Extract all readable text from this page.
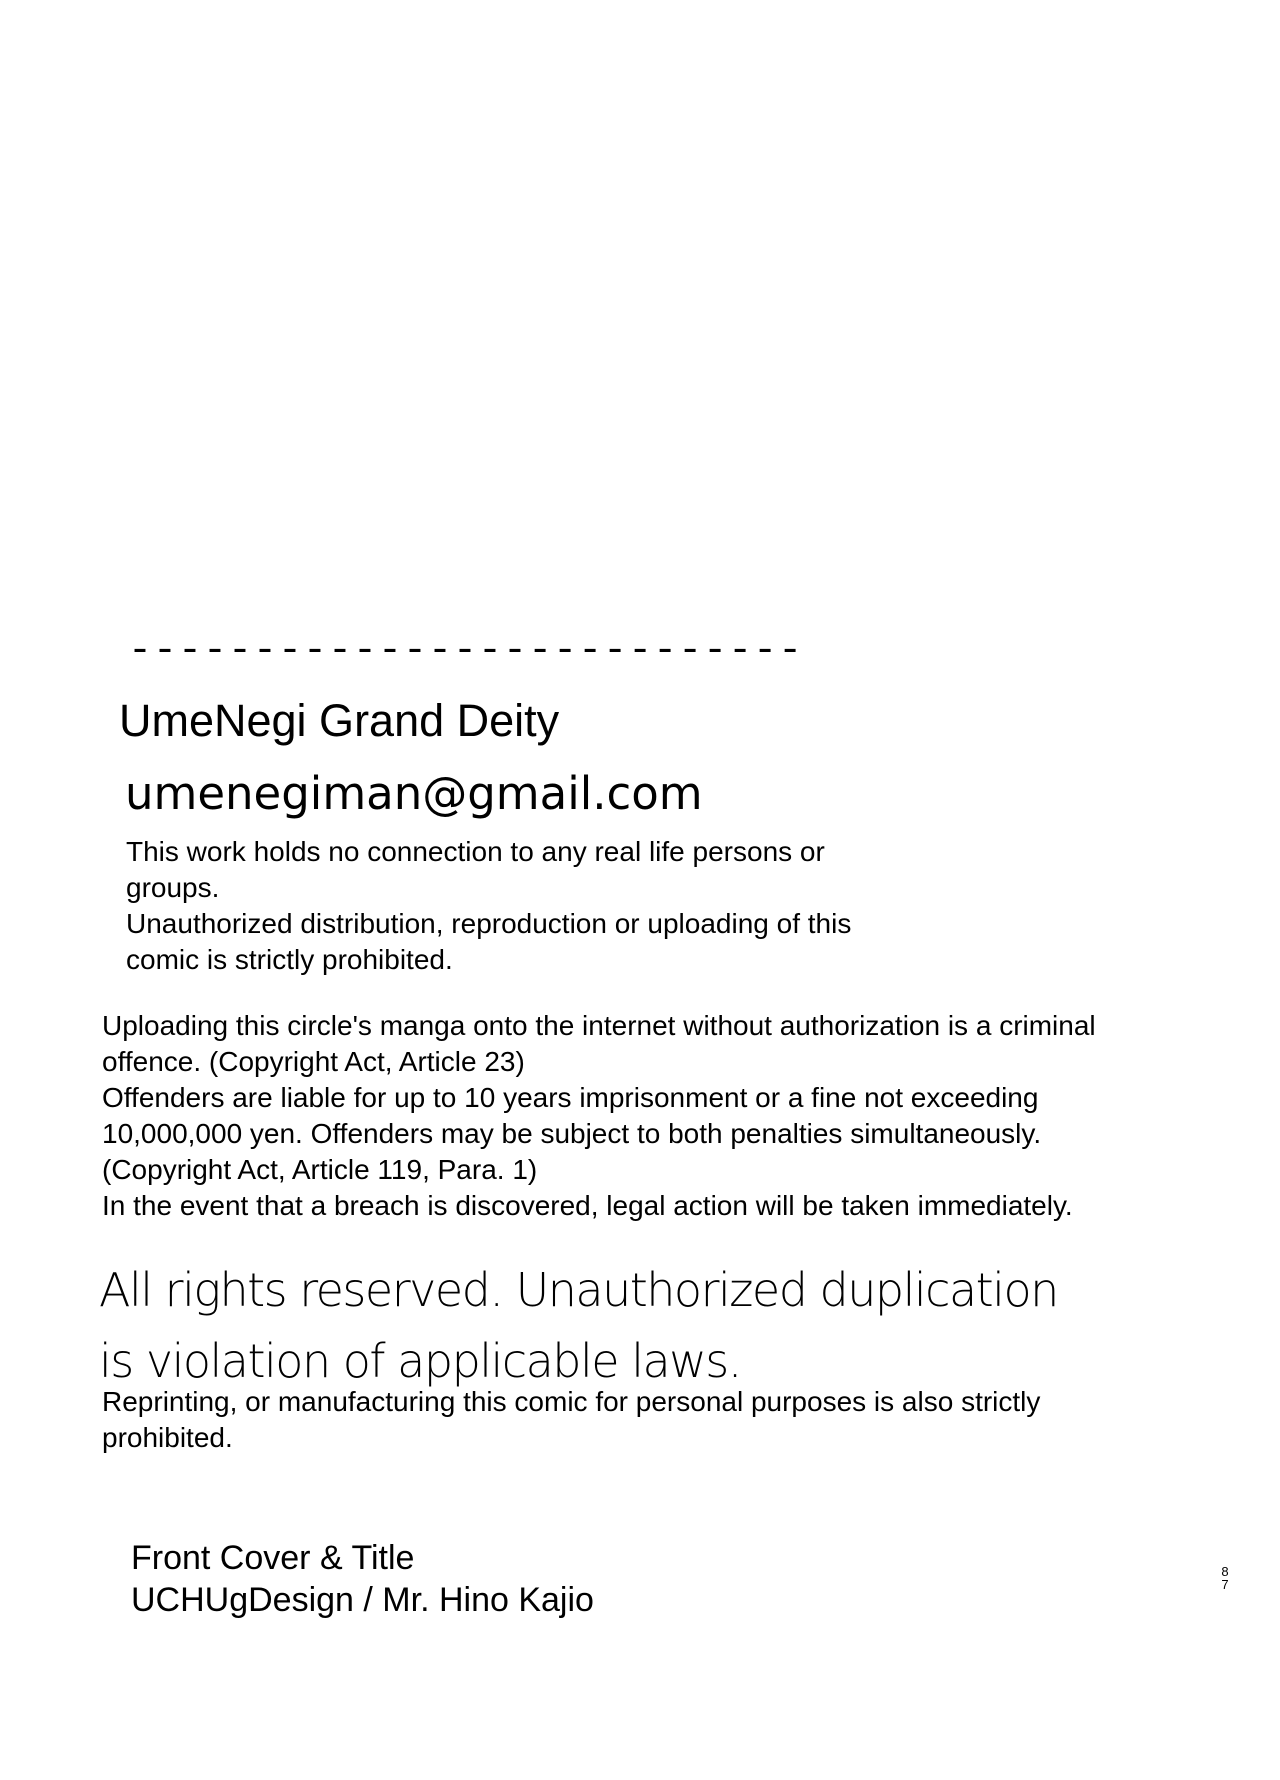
---------------------------
UmeNegi Grand Deity
umenegiman@gmail.com
This work holds no connection to any real life persons or
groups.
Unauthorized distribution, reproduction or uploading of this
comic is strictly prohibited.
Uploading this circle's manga onto the internet without authorization is a criminal
offence. (Copyright Act, Article 23)
Offenders are liable for up to 10 years imprisonment or a fine not exceeding
10,000,000 yen. Offenders may be subject to both penalties simultaneously.
(Copyright Act, Article 119, Para. 1)
In the event that a breach is discovered, legal action will be taken immediately.
All rights reserved. Unauthorized duplication
is violation of applicable laws.
Reprinting, or manufacturing this comic for personal purposes is also strictly
prohibited.
Front Cover & Title
UCHUgDesign / Mr. Hino Kajio
8
7
